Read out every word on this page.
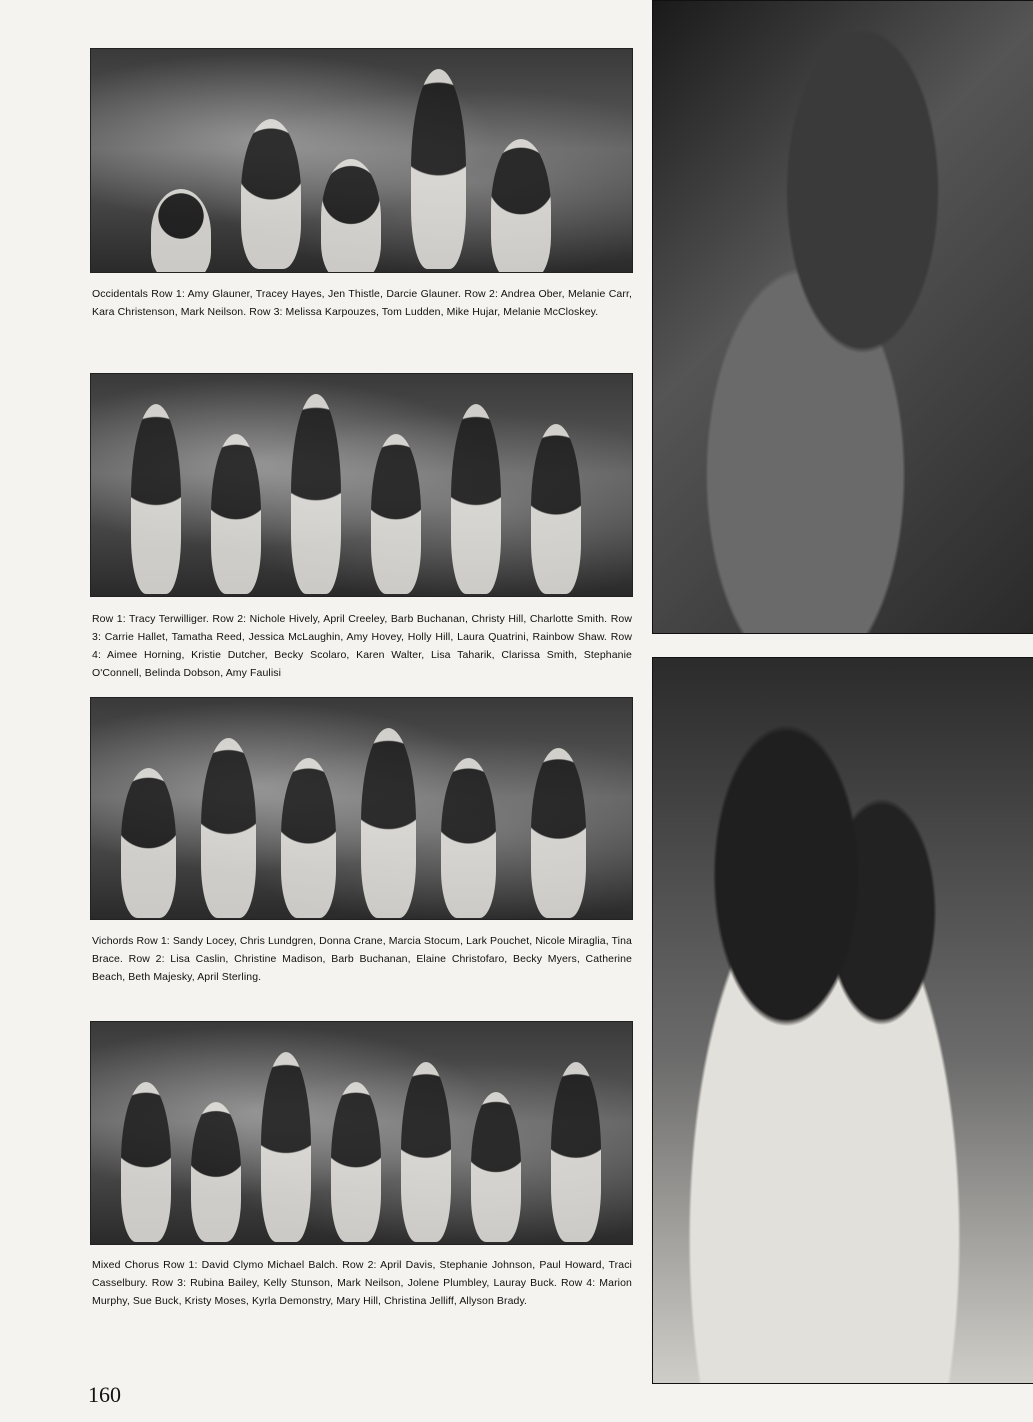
Occidentals Row 1: Amy Glauner, Tracey Hayes, Jen Thistle, Darcie Glauner. Row 2: Andrea Ober, Melanie Carr, Kara Christenson, Mark Neilson. Row 3: Melissa Karpouzes, Tom Ludden, Mike Hujar, Melanie McCloskey.
Row 1: Tracy Terwilliger. Row 2: Nichole Hively, April Creeley, Barb Buchanan, Christy Hill, Charlotte Smith. Row 3: Carrie Hallet, Tamatha Reed, Jessica McLaughin, Amy Hovey, Holly Hill, Laura Quatrini, Rainbow Shaw. Row 4: Aimee Horning, Kristie Dutcher, Becky Scolaro, Karen Walter, Lisa Taharik, Clarissa Smith, Stephanie O'Connell, Belinda Dobson, Amy Faulisi
Vichords Row 1: Sandy Locey, Chris Lundgren, Donna Crane, Marcia Stocum, Lark Pouchet, Nicole Miraglia, Tina Brace. Row 2: Lisa Caslin, Christine Madison, Barb Buchanan, Elaine Christofaro, Becky Myers, Catherine Beach, Beth Majesky, April Sterling.
Mixed Chorus Row 1: David Clymo Michael Balch. Row 2: April Davis, Stephanie Johnson, Paul Howard, Traci Casselbury. Row 3: Rubina Bailey, Kelly Stunson, Mark Neilson, Jolene Plumbley, Lauray Buck. Row 4: Marion Murphy, Sue Buck, Kristy Moses, Kyrla Demonstry, Mary Hill, Christina Jelliff, Allyson Brady.
160
